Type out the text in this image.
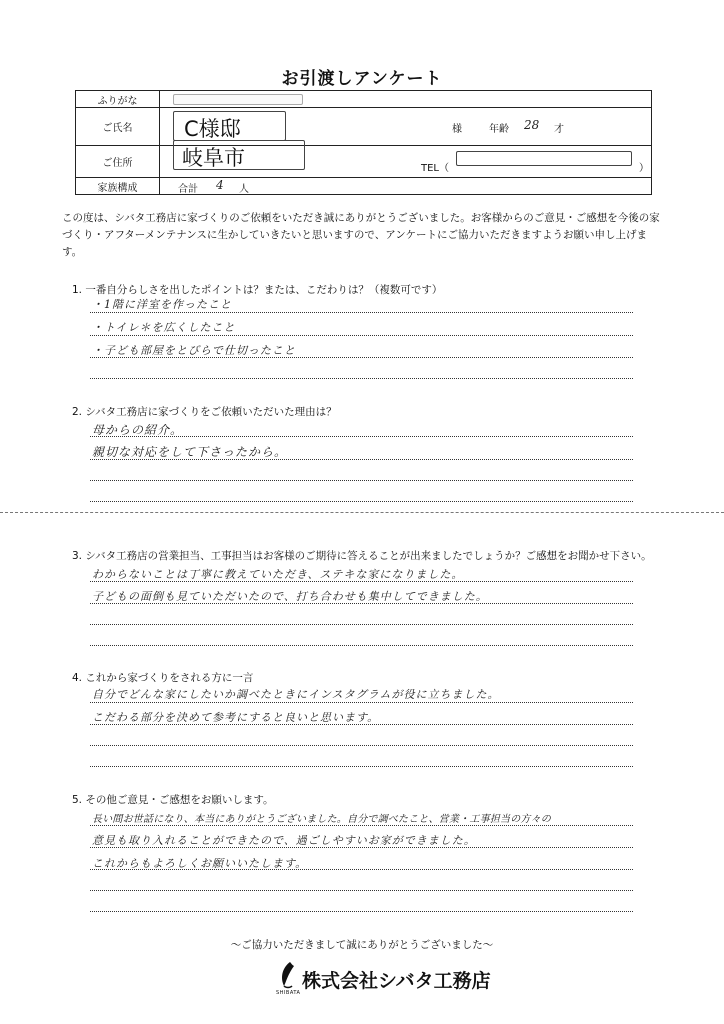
お引渡しアンケート
ふりがな
ご氏名	C様邸	様	年齢 28 才
ご住所	岐阜市	TEL（	）
家族構成	合計 4 人
この度は、シバタ工務店に家づくりのご依頼をいただき誠にありがとうございました。お客様からのご意見・ご感想を今後の家づくり・アフターメンテナンスに生かしていきたいと思いますので、アンケートにご協力いただきますようお願い申し上げます。
1. 一番自分らしさを出したポイントは？または、こだわりは？（複数可です）
・1階に洋室を作ったこと
・トイレ＊を広くしたこと
・子ども部屋をとびらで仕切ったこと
2. シバタ工務店に家づくりをご依頼いただいた理由は？
母からの紹介。
親切な対応をして下さったから。
3. シバタ工務店の営業担当、工事担当はお客様のご期待に答えることが出来ましたでしょうか？ご感想をお聞かせ下さい。
わからないことは丁寧に教えていただき、ステキな家になりました。
子どもの面倒も見ていただいたので、打ち合わせも集中してできました。
4. これから家づくりをされる方に一言
自分でどんな家にしたいか調べたときにインスタグラムが役に立ちました。
こだわる部分を決めて参考にすると良いと思います。
5. その他ご意見・ご感想をお願いします。
長い間お世話になり、本当にありがとうございました。自分で調べたこと、営業・工事担当の方々の
意見も取り入れることができたので、過ごしやすいお家ができました。
これからもよろしくお願いいたします。
〜ご協力いただきまして誠にありがとうございました〜
株式会社シバタ工務店
SHIBATA
